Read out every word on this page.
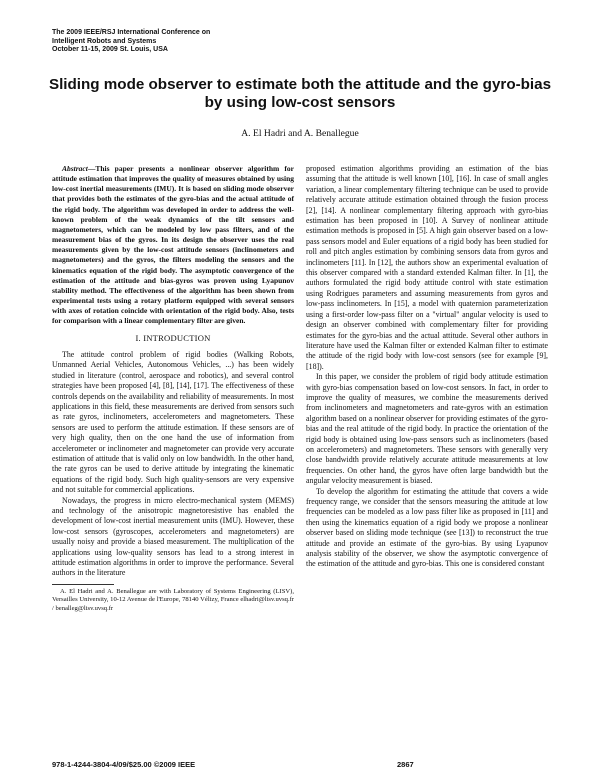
The 2009 IEEE/RSJ International Conference on
Intelligent Robots and Systems
October 11-15, 2009 St. Louis, USA
Sliding mode observer to estimate both the attitude and the gyro-bias by using low-cost sensors
A. El Hadri and A. Benallegue

Abstract—This paper presents a nonlinear observer algorithm for attitude estimation that improves the quality of measures obtained by using low-cost inertial measurements (IMU). It is based on sliding mode observer that provides both the estimates of the gyro-bias and the actual attitude of the rigid body. The algorithm was developed in order to address the well-known problem of the weak dynamics of the tilt sensors and magnetometers, which can be modeled by low pass filters, and of the measurement bias of the gyros. In its design the observer uses the real measurements given by the low-cost attitude sensors (inclinometers and magnetometers) and the gyros, the filters modeling the sensors and the kinematics equation of the rigid body. The asymptotic convergence of the estimation of the attitude and bias-gyros was proven using Lyapunov stability method. The effectiveness of the algorithm has been shown from experimental tests using a rotary platform equipped with several sensors with axes of rotation coincide with orientation of the rigid body. Also, tests for comparison with a linear complementary filter are given.

I. INTRODUCTION

The attitude control problem of rigid bodies (Walking Robots, Unmanned Aerial Vehicles, Autonomous Vehicles, ...) has been widely studied in literature (control, aerospace and robotics), and several control strategies have been proposed [4], [8], [14], [17]. The effectiveness of these controls depends on the availability and reliability of measurements. In most applications in this field, these measurements are derived from sensors such as rate gyros, inclinometers, accelerometers and magnetometers. These sensors are used to perform the attitude estimation. If these sensors are of very high quality, then on the one hand the use of information from accelerometer or inclinometer and magnetometer can provide very accurate estimation of attitude that is valid only on low bandwidth. In the other hand, the rate gyros can be used to derive attitude by integrating the kinematic equations of the rigid body. Such high quality-sensors are very expensive and not suitable for commercial applications.

Nowadays, the progress in micro electro-mechanical system (MEMS) and technology of the anisotropic magnetoresistive has enabled the development of low-cost inertial measurement units (IMU). However, these low-cost sensors (gyroscopes, accelerometers and magnetometers) are usually noisy and provide a biased measurement. The multiplication of the applications using low-quality sensors has lead to a strong interest in attitude estimation algorithms in order to improve the performance. Several authors in the literature

A. El Hadri and A. Benallegue are with Laboratory of Systems Engineering (LISV), Versailles University, 10-12 Avenue de l'Europe, 78140 Vélizy, France elhadri@lisv.uvsq.fr / benalleg@lisv.uvsq.fr

proposed estimation algorithms providing an estimation of the bias assuming that the attitude is well known [10], [16]. In case of small angles variation, a linear complementary filtering technique can be used to provide relatively accurate attitude estimation obtained through the fusion process [2], [14]. A nonlinear complementary filtering approach with gyro-bias estimation has been proposed in [10]. A Survey of nonlinear attitude estimation methods is proposed in [5]. A high gain observer based on a low-pass sensors model and Euler equations of a rigid body has been studied for roll and pitch angles estimation by combining sensors data from gyros and inclinometers [11]. In [12], the authors show an experimental evaluation of this observer compared with a standard extended Kalman filter. In [1], the authors formulated the rigid body attitude control with state estimation using Rodrigues parameters and assuming measurements from gyros and low-pass inclinometers. In [15], a model with quaternion parameterization using a first-order low-pass filter on a "virtual" angular velocity is used to design an observer combined with complementary filter for providing estimates for the gyro-bias and the actual attitude. Several other authors in literature have used the Kalman filter or extended Kalman filter to estimate the attitude of the rigid body with low-cost sensors (see for example [9], [18]).

In this paper, we consider the problem of rigid body attitude estimation with gyro-bias compensation based on low-cost sensors. In fact, in order to improve the quality of measures, we combine the measurements derived from inclinometers and magnetometers and rate-gyros with an estimation algorithm based on a nonlinear observer for providing estimates of the gyro-bias and the real attitude of the rigid body. In practice the orientation of the rigid body is obtained using low-pass sensors such as inclinometers (based on accelerometers) and magnetometers. These sensors with generally very close bandwidth provide relatively accurate attitude measurements at low frequencies. On other hand, the gyros have often large bandwidth but the angular velocity measurement is biased.

To develop the algorithm for estimating the attitude that covers a wide frequency range, we consider that the sensors measuring the attitude at low frequencies can be modeled as a low pass filter like as proposed in [11] and then using the kinematics equation of a rigid body we propose a nonlinear observer based on sliding mode technique (see [13]) to reconstruct the true attitude and provide an estimate of the gyro-bias. By using Lyapunov analysis stability of the observer, we show the asymptotic convergence of the estimation of the attitude and gyro-bias. This one is considered constant

978-1-4244-3804-4/09/$25.00 ©2009 IEEE	2867
